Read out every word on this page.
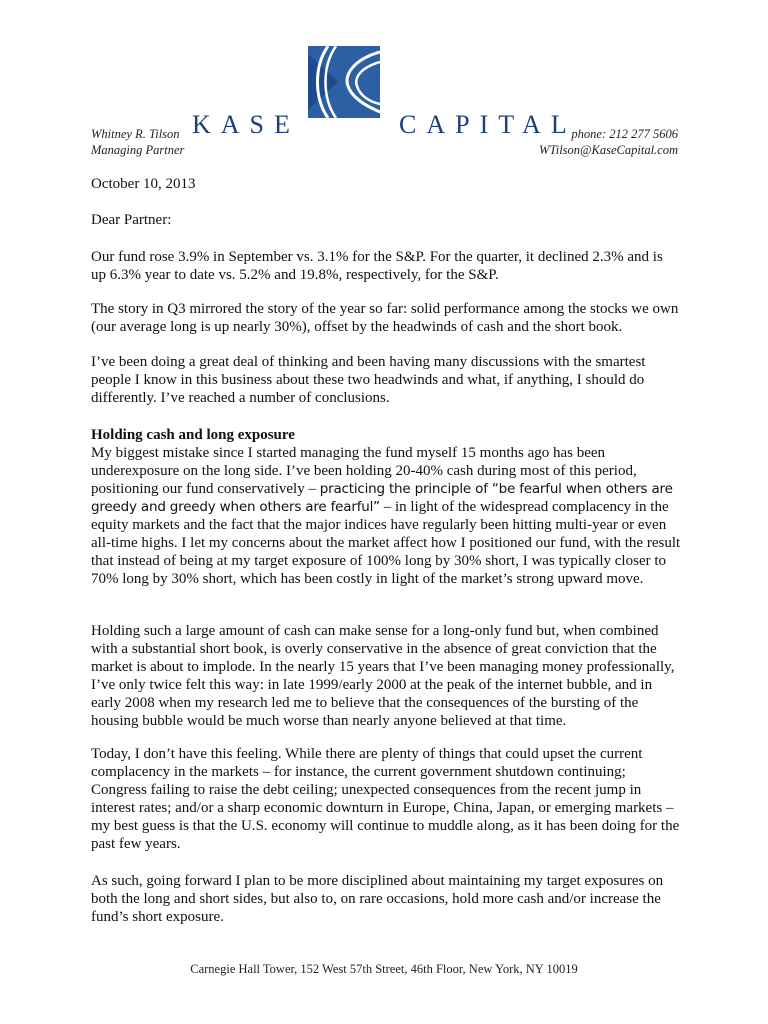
KASE	CAPITAL
Whitney R. Tilson
Managing Partner
phone: 212 277 5606
WTilson@KaseCapital.com
October 10, 2013
Dear Partner:

Our fund rose 3.9% in September vs. 3.1% for the S&P. For the quarter, it declined 2.3% and is up 6.3% year to date vs. 5.2% and 19.8%, respectively, for the S&P.

The story in Q3 mirrored the story of the year so far: solid performance among the stocks we own (our average long is up nearly 30%), offset by the headwinds of cash and the short book.

I’ve been doing a great deal of thinking and been having many discussions with the smartest people I know in this business about these two headwinds and what, if anything, I should do differently. I’ve reached a number of conclusions.

Holding cash and long exposure

My biggest mistake since I started managing the fund myself 15 months ago has been underexposure on the long side. I’ve been holding 20-40% cash during most of this period, positioning our fund conservatively – practicing the principle of “be fearful when others are greedy and greedy when others are fearful” – in light of the widespread complacency in the equity markets and the fact that the major indices have regularly been hitting multi-year or even all-time highs. I let my concerns about the market affect how I positioned our fund, with the result that instead of being at my target exposure of 100% long by 30% short, I was typically closer to 70% long by 30% short, which has been costly in light of the market’s strong upward move.

Holding such a large amount of cash can make sense for a long-only fund but, when combined with a substantial short book, is overly conservative in the absence of great conviction that the market is about to implode. In the nearly 15 years that I’ve been managing money professionally, I’ve only twice felt this way: in late 1999/early 2000 at the peak of the internet bubble, and in early 2008 when my research led me to believe that the consequences of the bursting of the housing bubble would be much worse than nearly anyone believed at that time.

Today, I don’t have this feeling. While there are plenty of things that could upset the current complacency in the markets – for instance, the current government shutdown continuing; Congress failing to raise the debt ceiling; unexpected consequences from the recent jump in interest rates; and/or a sharp economic downturn in Europe, China, Japan, or emerging markets – my best guess is that the U.S. economy will continue to muddle along, as it has been doing for the past few years.

As such, going forward I plan to be more disciplined about maintaining my target exposures on both the long and short sides, but also to, on rare occasions, hold more cash and/or increase the fund’s short exposure.

Carnegie Hall Tower, 152 West 57th Street, 46th Floor, New York, NY 10019
